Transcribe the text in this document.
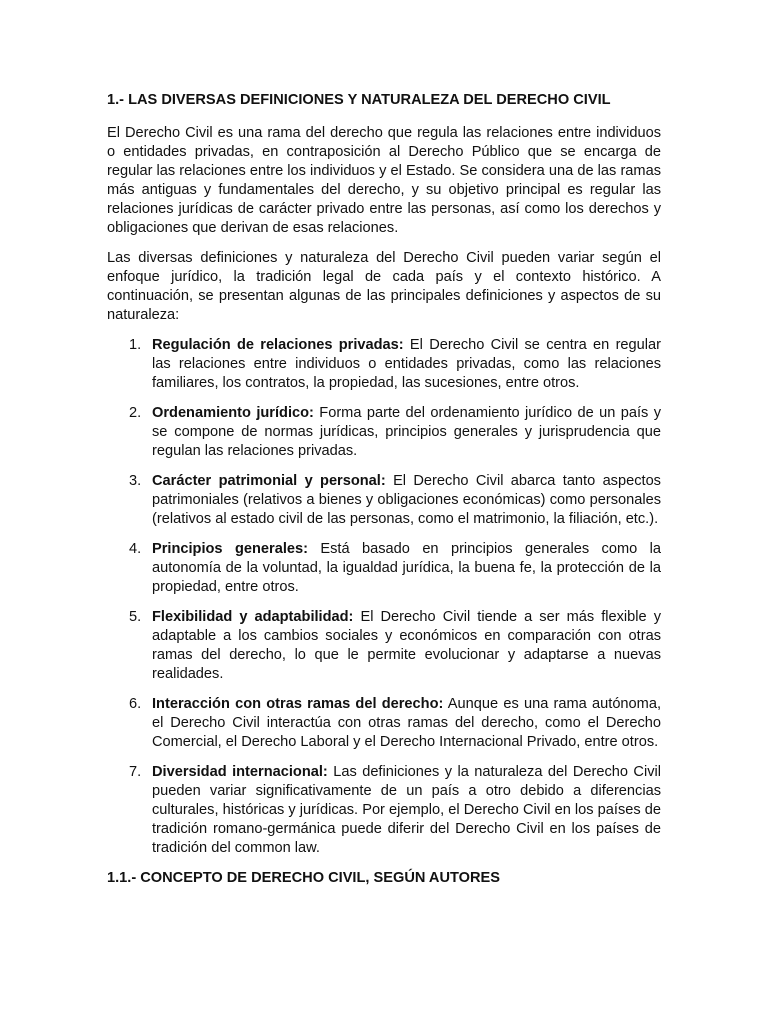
1.- LAS DIVERSAS DEFINICIONES Y NATURALEZA DEL DERECHO CIVIL

El Derecho Civil es una rama del derecho que regula las relaciones entre individuos o entidades privadas, en contraposición al Derecho Público que se encarga de regular las relaciones entre los individuos y el Estado. Se considera una de las ramas más antiguas y fundamentales del derecho, y su objetivo principal es regular las relaciones jurídicas de carácter privado entre las personas, así como los derechos y obligaciones que derivan de esas relaciones.

Las diversas definiciones y naturaleza del Derecho Civil pueden variar según el enfoque jurídico, la tradición legal de cada país y el contexto histórico. A continuación, se presentan algunas de las principales definiciones y aspectos de su naturaleza:

1. Regulación de relaciones privadas: El Derecho Civil se centra en regular las relaciones entre individuos o entidades privadas, como las relaciones familiares, los contratos, la propiedad, las sucesiones, entre otros.
2. Ordenamiento jurídico: Forma parte del ordenamiento jurídico de un país y se compone de normas jurídicas, principios generales y jurisprudencia que regulan las relaciones privadas.
3. Carácter patrimonial y personal: El Derecho Civil abarca tanto aspectos patrimoniales (relativos a bienes y obligaciones económicas) como personales (relativos al estado civil de las personas, como el matrimonio, la filiación, etc.).
4. Principios generales: Está basado en principios generales como la autonomía de la voluntad, la igualdad jurídica, la buena fe, la protección de la propiedad, entre otros.
5. Flexibilidad y adaptabilidad: El Derecho Civil tiende a ser más flexible y adaptable a los cambios sociales y económicos en comparación con otras ramas del derecho, lo que le permite evolucionar y adaptarse a nuevas realidades.
6. Interacción con otras ramas del derecho: Aunque es una rama autónoma, el Derecho Civil interactúa con otras ramas del derecho, como el Derecho Comercial, el Derecho Laboral y el Derecho Internacional Privado, entre otros.
7. Diversidad internacional: Las definiciones y la naturaleza del Derecho Civil pueden variar significativamente de un país a otro debido a diferencias culturales, históricas y jurídicas. Por ejemplo, el Derecho Civil en los países de tradición romano-germánica puede diferir del Derecho Civil en los países de tradición del common law.
1.1.- CONCEPTO DE DERECHO CIVIL, SEGÚN AUTORES
